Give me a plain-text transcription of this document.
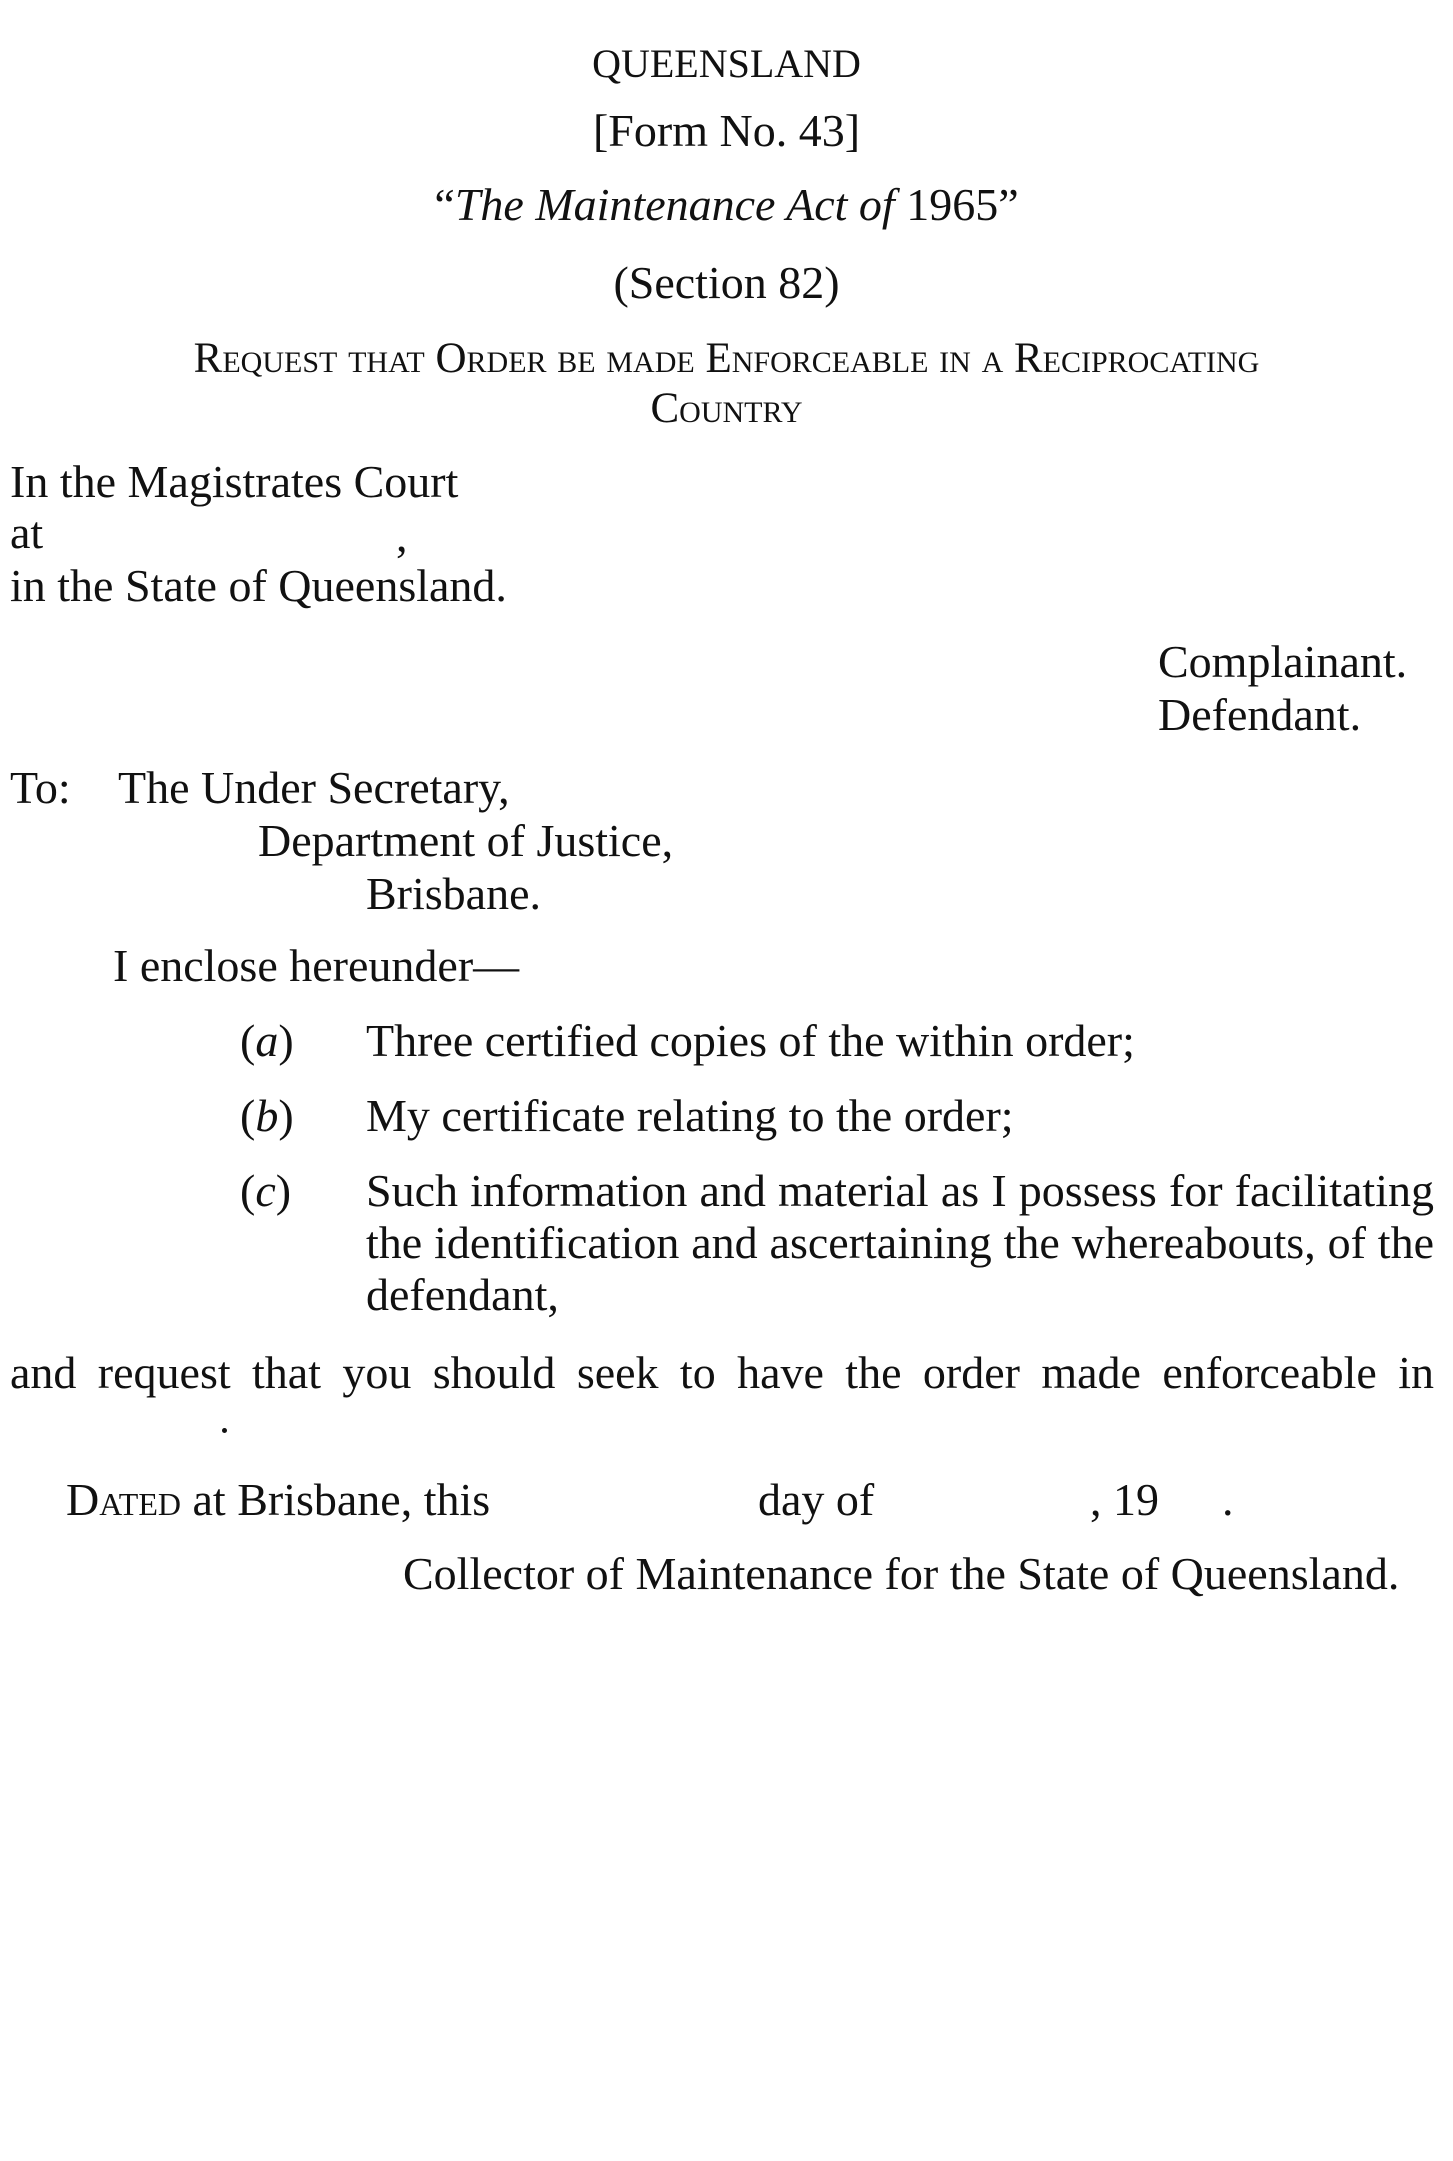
QUEENSLAND
[Form No. 43]
“The Maintenance Act of 1965”
(Section 82)
Request that Order be made Enforceable in a Reciprocating
Country
In the Magistrates Court
at	,
in the State of Queensland.
Complainant.
Defendant.
To: The Under Secretary,
Department of Justice,
Brisbane.
I enclose hereunder—
(a) Three certified copies of the within order;
(b) My certificate relating to the order;
(c) Such information and material as I possess for facilitating the identification and ascertaining the whereabouts, of the defendant,
and request that you should seek to have the order made enforceable in
Dated at Brisbane, this	day of	, 19 .
Collector of Maintenance for the State of Queensland.
